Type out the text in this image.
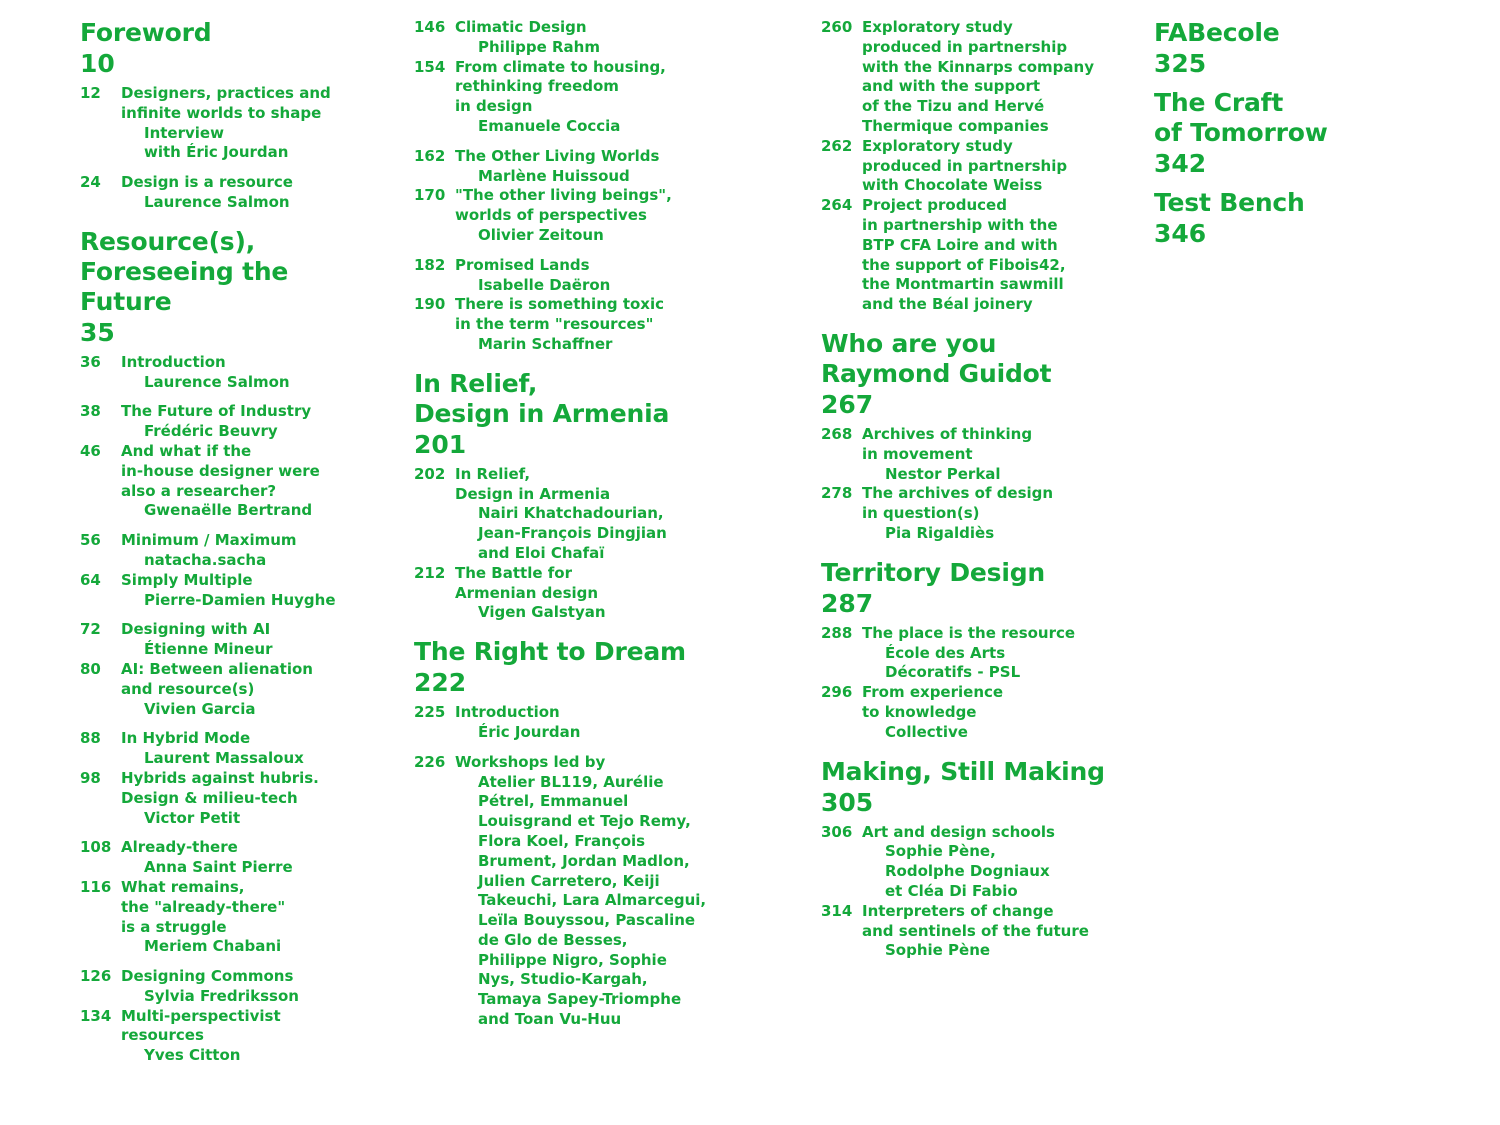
Foreword
10
12	Designers, practices and
infinite worlds to shape
Interview
with Éric Jourdan
24	Design is a resource
Laurence Salmon
Resource(s),
Foreseeing the Future
35
36	Introduction
Laurence Salmon
38	The Future of Industry
Frédéric Beuvry
46	And what if the
in-house designer were
also a researcher?
Gwenaëlle Bertrand
56	Minimum / Maximum
natacha.sacha
64	Simply Multiple
Pierre-Damien Huyghe
72	Designing with AI
Étienne Mineur
80	AI: Between alienation
and resource(s)
Vivien Garcia
88	In Hybrid Mode
Laurent Massaloux
98	Hybrids against hubris.
Design & milieu-tech
Victor Petit
108 Already-there
Anna Saint Pierre
116 What remains,
the "already-there"
is a struggle
Meriem Chabani
126 Designing Commons
Sylvia Fredriksson
134 Multi-perspectivist
resources
Yves Citton
146 Climatic Design
Philippe Rahm
154 From climate to housing,
rethinking freedom
in design
Emanuele Coccia
162 The Other Living Worlds
Marlène Huissoud
170 "The other living beings",
worlds of perspectives
Olivier Zeitoun
182 Promised Lands
Isabelle Daëron
190 There is something toxic
in the term "resources"
Marin Schaffner
In Relief,
Design in Armenia
201
202 In Relief,
Design in Armenia
Nairi Khatchadourian,
Jean-François Dingjian
and Eloi Chafaï
212 The Battle for
Armenian design
Vigen Galstyan
The Right to Dream
222
225 Introduction
Éric Jourdan
226 Workshops led by
Atelier BL119, Aurélie
Pétrel, Emmanuel
Louisgrand et Tejo Remy,
Flora Koel, François
Brument, Jordan Madlon,
Julien Carretero, Keiji
Takeuchi, Lara Almarcegui,
Leïla Bouyssou, Pascaline
de Glo de Besses,
Philippe Nigro, Sophie
Nys, Studio-Kargah,
Tamaya Sapey-Triomphe
and Toan Vu-Huu
260 Exploratory study
produced in partnership
with the Kinnarps company
and with the support
of the Tizu and Hervé
Thermique companies
262 Exploratory study
produced in partnership
with Chocolate Weiss
264 Project produced
in partnership with the
BTP CFA Loire and with
the support of Fibois42,
the Montmartin sawmill
and the Béal joinery
Who are you
Raymond Guidot
267
268 Archives of thinking
in movement
Nestor Perkal
278 The archives of design
in question(s)
Pia Rigaldiès
Territory Design
287
288 The place is the resource
École des Arts
Décoratifs - PSL
296 From experience
to knowledge
Collective
Making, Still Making
305
306 Art and design schools
Sophie Pène,
Rodolphe Dogniaux
et Cléa Di Fabio
314 Interpreters of change
and sentinels of the future
Sophie Pène
FABecole
325
The Craft
of Tomorrow
342
Test Bench
346
